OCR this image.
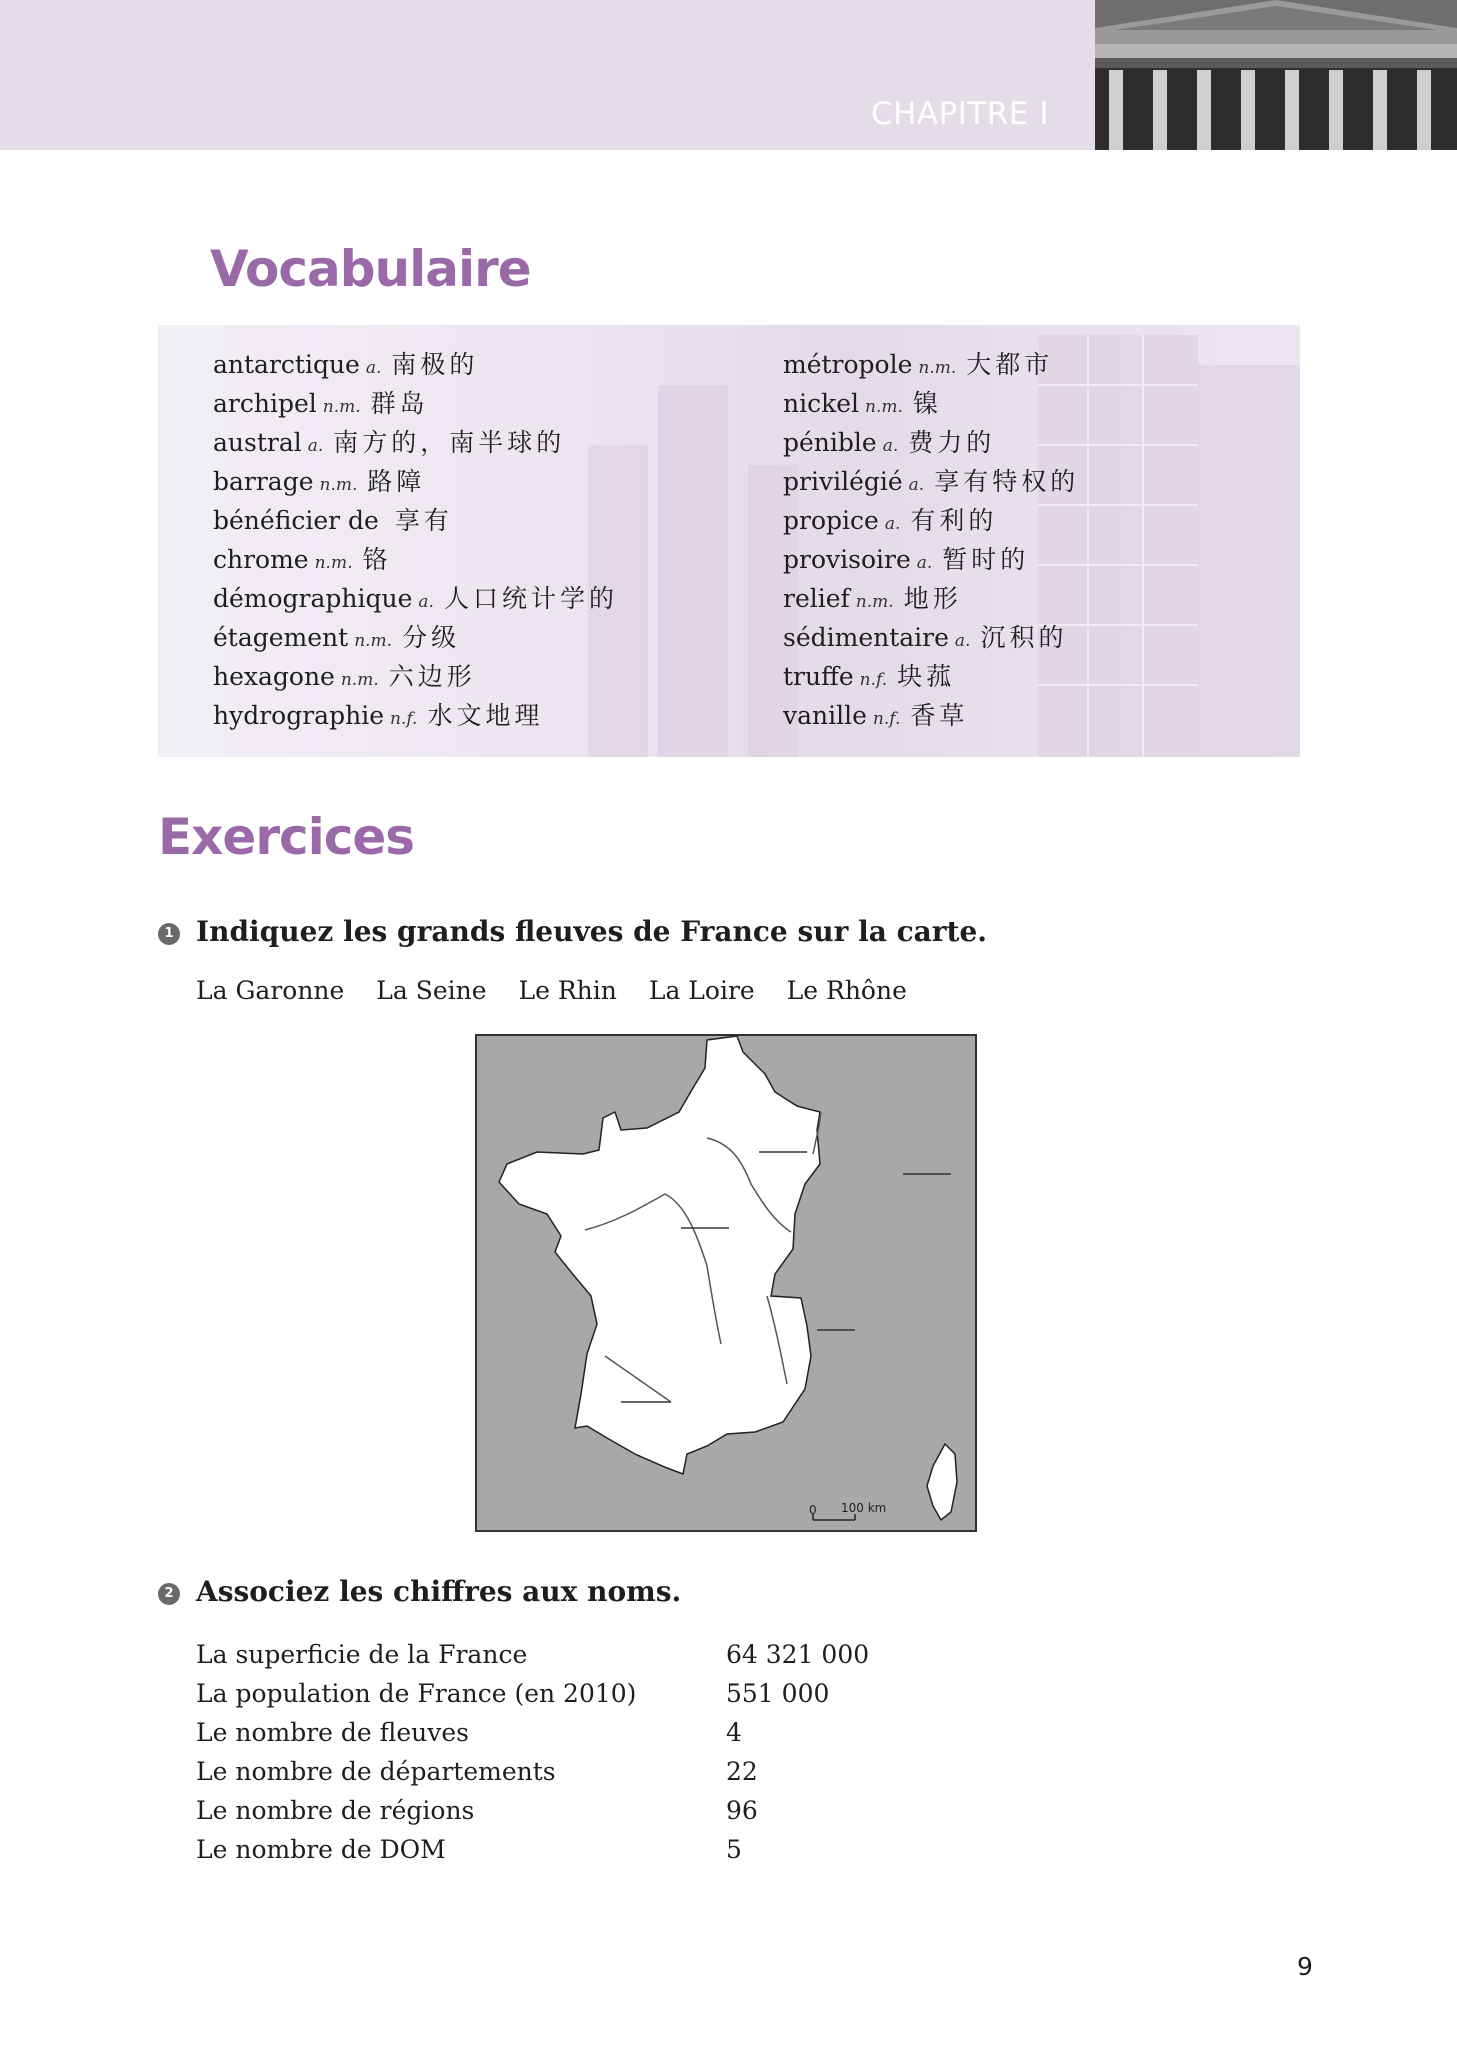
CHAPITRE Ⅰ
Vocabulaire
antarctique a. 南极的
archipel n.m. 群岛
austral a. 南方的，南半球的
barrage n.m. 路障
bénéficier de 享有
chrome n.m. 铬
démographique a. 人口统计学的
étagement n.m. 分级
hexagone n.m. 六边形
hydrographie n.f. 水文地理
métropole n.m. 大都市
nickel n.m. 镍
pénible a. 费力的
privilégié a. 享有特权的
propice a. 有利的
provisoire a. 暂时的
relief n.m. 地形
sédimentaire a. 沉积的
truffe n.f. 块菰
vanille n.f. 香草
Exercices
1 Indiquez les grands fleuves de France sur la carte.
La Garonne La Seine Le Rhin La Loire Le Rhône
0 100 km
2 Associez les chiffres aux noms.
La superficie de la France	64 321 000
La population de France (en 2010)	551 000
Le nombre de fleuves	4
Le nombre de départements	22
Le nombre de régions	96
Le nombre de DOM	5
9
